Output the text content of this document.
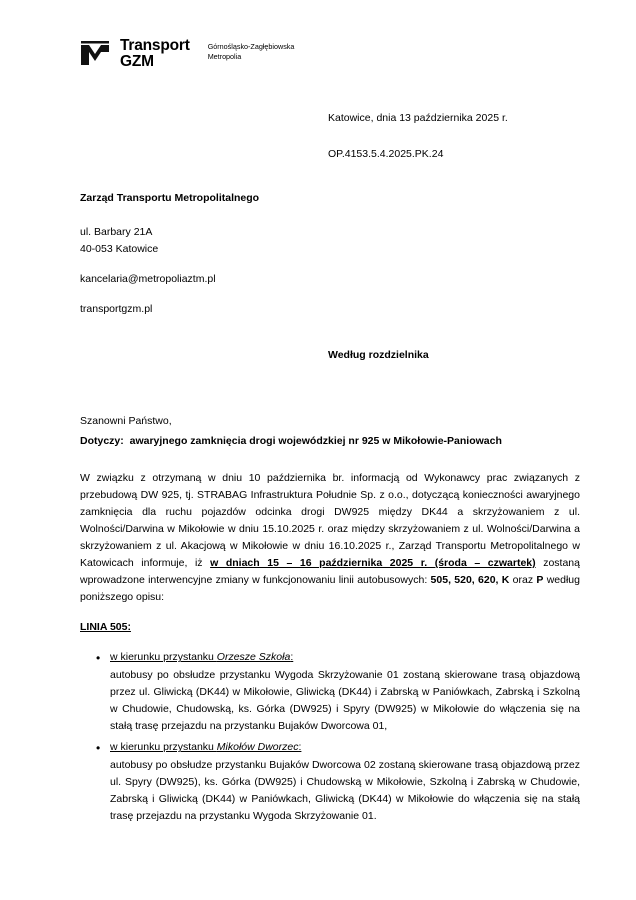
Transport
GZM
Górnośląsko-Zagłębiowska
Metropolia
Katowice, dnia 13 października 2025 r.
OP.4153.5.4.2025.PK.24
Zarząd Transportu Metropolitalnego
ul. Barbary 21A
40-053 Katowice
kancelaria@metropoliaztm.pl
transportgzm.pl
Według rozdzielnika

Szanowni Państwo,

Dotyczy: awaryjnego zamknięcia drogi wojewódzkiej nr 925 w Mikołowie-Paniowach

W związku z otrzymaną w dniu 10 października br. informacją od Wykonawcy prac związanych z przebudową DW 925, tj. STRABAG Infrastruktura Południe Sp. z o.o., dotyczącą konieczności awaryjnego zamknięcia dla ruchu pojazdów odcinka drogi DW925 między DK44 a skrzyżowaniem z ul. Wolności/Darwina w Mikołowie w dniu 15.10.2025 r. oraz między skrzyżowaniem z ul. Wolności/Darwina a skrzyżowaniem z ul. Akacjową w Mikołowie w dniu 16.10.2025 r., Zarząd Transportu Metropolitalnego w Katowicach informuje, iż w dniach 15 – 16 października 2025 r. (środa – czwartek) zostaną wprowadzone interwencyjne zmiany w funkcjonowaniu linii autobusowych: 505, 520, 620, K oraz P według poniższego opisu:

LINIA 505:

• w kierunku przystanku Orzesze Szkoła:
autobusy po obsłudze przystanku Wygoda Skrzyżowanie 01 zostaną skierowane trasą objazdową przez ul. Gliwicką (DK44) w Mikołowie, Gliwicką (DK44) i Zabrską w Paniówkach, Zabrską i Szkolną w Chudowie, Chudowską, ks. Górka (DW925) i Spyry (DW925) w Mikołowie do włączenia się na stałą trasę przejazdu na przystanku Bujaków Dworcowa 01,
• w kierunku przystanku Mikołów Dworzec:
autobusy po obsłudze przystanku Bujaków Dworcowa 02 zostaną skierowane trasą objazdową przez ul. Spyry (DW925), ks. Górka (DW925) i Chudowską w Mikołowie, Szkolną i Zabrską w Chudowie, Zabrską i Gliwicką (DK44) w Paniówkach, Gliwicką (DK44) w Mikołowie do włączenia się na stałą trasę przejazdu na przystanku Wygoda Skrzyżowanie 01.
